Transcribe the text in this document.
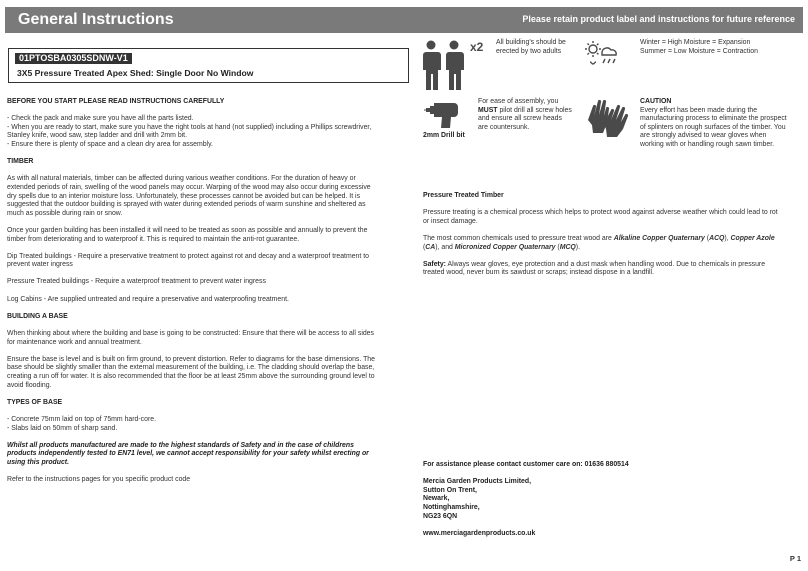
General Instructions	Please retain product label and instructions for future reference
01PTOSBA0305SDNW-V1
3X5 Pressure Treated Apex Shed: Single Door No Window
BEFORE YOU START PLEASE READ INSTRUCTIONS CAREFULLY

- Check the pack and make sure you have all the parts listed.
- When you are ready to start, make sure you have the right tools at hand (not supplied) including a Phillips screwdriver, Stanley knife, wood saw, step ladder and drill with 2mm bit.
- Ensure there is plenty of space and a clean dry area for assembly.

TIMBER

As with all natural materials, timber can be affected during various weather conditions. For the duration of heavy or extended periods of rain, swelling of the wood panels may occur. Warping of the wood may also occur during excessive dry spells due to an interior moisture loss. Unfortunately, these processes cannot be avoided but can be helped. It is suggested that the outdoor building is sprayed with water during extended periods of warm sunshine and sheltered as much as possible during rain or snow.

Once your garden building has been installed it will need to be treated as soon as possible and annually to prevent the timber from deteriorating and to waterproof it. This is required to maintain the anti-rot guarantee.

Dip Treated buildings - Require a preservative treatment to protect against rot and decay and a waterproof treatment to prevent water ingress

Pressure Treated buildings - Require a waterproof treatment to prevent water ingress

Log Cabins - Are supplied untreated and require a preservative and waterproofing treatment.

BUILDING A BASE

When thinking about where the building and base is going to be constructed: Ensure that there will be access to all sides for maintenance work and annual treatment.

Ensure the base is level and is built on firm ground, to prevent distortion. Refer to diagrams for the base dimensions. The base should be slightly smaller than the external measurement of the building, i.e. The cladding should overlap the base, creating a run off for water. It is also recommended that the floor be at least 25mm above the surrounding ground level to avoid flooding.

TYPES OF BASE

- Concrete 75mm laid on top of 75mm hard-core.
- Slabs laid on 50mm of sharp sand.

Whilst all products manufactured are made to the highest standards of Safety and in the case of childrens products independently tested to EN71 level, we cannot accept responsibility for your safety whilst erecting or using this product.

Refer to the instructions pages for you specific product code

x2 All building's should be erected by two adults
Winter = High Moisture = Expansion Summer = Low Moisture = Contraction
2mm Drill bit
For ease of assembly, you MUST pilot drill all screw holes and ensure all screw heads are countersunk.
CAUTION
Every effort has been made during the manufacturing process to eliminate the prospect of splinters on rough surfaces of the timber. You are strongly advised to wear gloves when working with or handling rough sawn timber.

Pressure Treated Timber

Pressure treating is a chemical process which helps to protect wood against adverse weather which could lead to rot or insect damage.

The most common chemicals used to pressure treat wood are Alkaline Copper Quaternary (ACQ), Copper Azole (CA), and Micronized Copper Quaternary (MCQ).

Safety: Always wear gloves, eye protection and a dust mask when handling wood. Due to chemicals in pressure treated wood, never burn its sawdust or scraps; instead dispose in a landfill.

For assistance please contact customer care on: 01636 880514

Mercia Garden Products Limited,
Sutton On Trent,
Newark,
Nottinghamshire,
NG23 6QN

www.merciagardenproducts.co.uk

P 1
